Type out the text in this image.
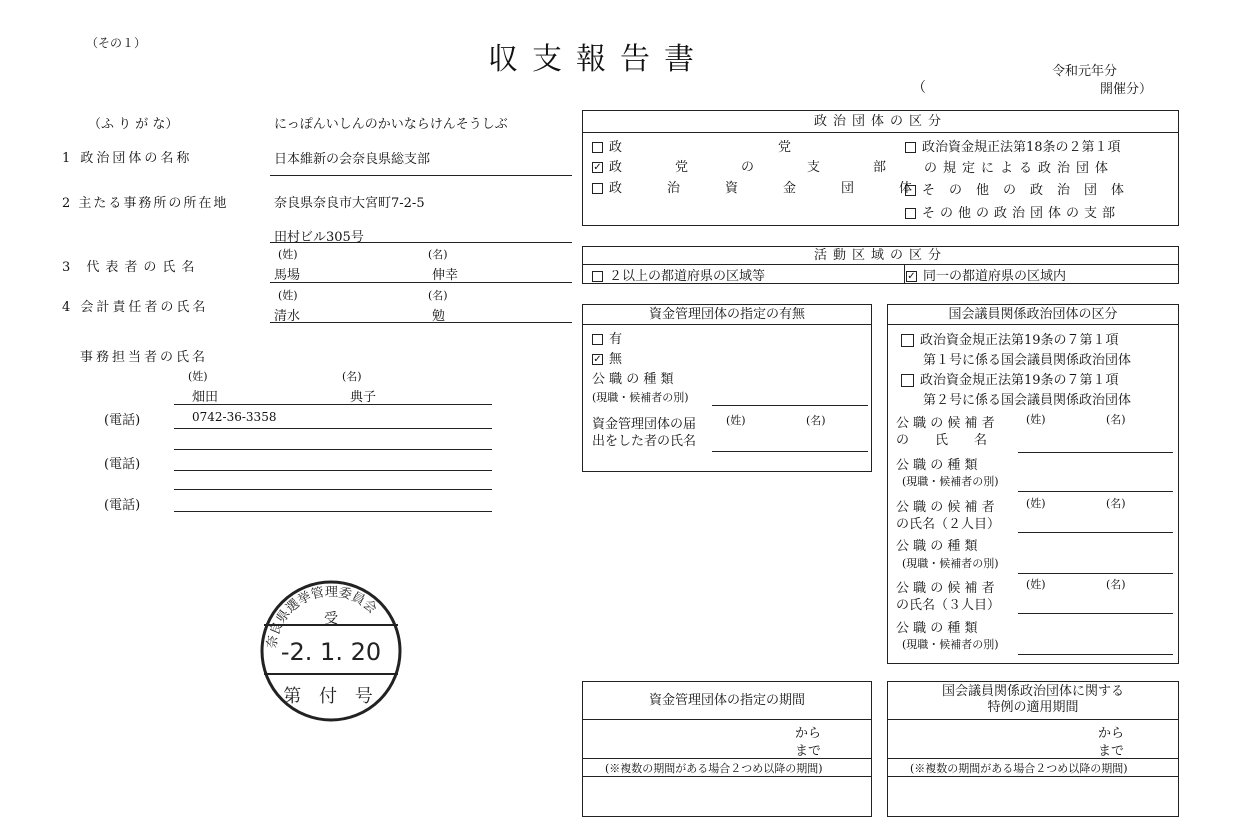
（その１）	収支報告書	令和元年分
（	開催分）
（ふ り が な）	にっぽんいしんのかいならけんそうしぶ
1 政治団体の名称	日本維新の会奈良県総支部
2 主たる事務所の所在地	奈良県奈良市大宮町7-2-5
田村ビル305号
3 代表者の氏名
(姓)	(名)
馬場	伸幸
4 会計責任者の氏名
(姓)	(名)
清水	勉
事務担当者の氏名
(姓)	(名)
畑田	典子
(電話)	0742-36-3358
(電話)
(電話)
奈良県選挙管理委員会
受
-2. 1. 20
第 付 号
政治団体の区分
政　　　　　　　　　　　　党
✓ 政　党　の　支　部
政　治　資　金　団　体
政治資金規正法第18条の２第１項
の規定による政治団体
その他の政治団体
その他の政治団体の支部
活動区域の区分
２以上の都道府県の区域等	✓ 同一の都道府県の区域内
資金管理団体の指定の有無
有
✓ 無
公 職 の 種 類
(現職・候補者の別)
資金管理団体の届
出をした者の氏名
(姓)	(名)
国会議員関係政治団体の区分
政治資金規正法第19条の７第１項
第１号に係る国会議員関係政治団体
政治資金規正法第19条の７第１項
第２号に係る国会議員関係政治団体
公 職 の 候 補 者
の　　氏　　名
(姓)	(名)
公 職 の 種 類
(現職・候補者の別)
公 職 の 候 補 者
の氏名（２人目）
(姓)	(名)
公 職 の 種 類
(現職・候補者の別)
公 職 の 候 補 者
の氏名（３人目）
(姓)	(名)
公 職 の 種 類
(現職・候補者の別)
資金管理団体の指定の期間
から
まで
(※複数の期間がある場合２つめ以降の期間)
国会議員関係政治団体に関する
特例の適用期間
から
まで
(※複数の期間がある場合２つめ以降の期間)
